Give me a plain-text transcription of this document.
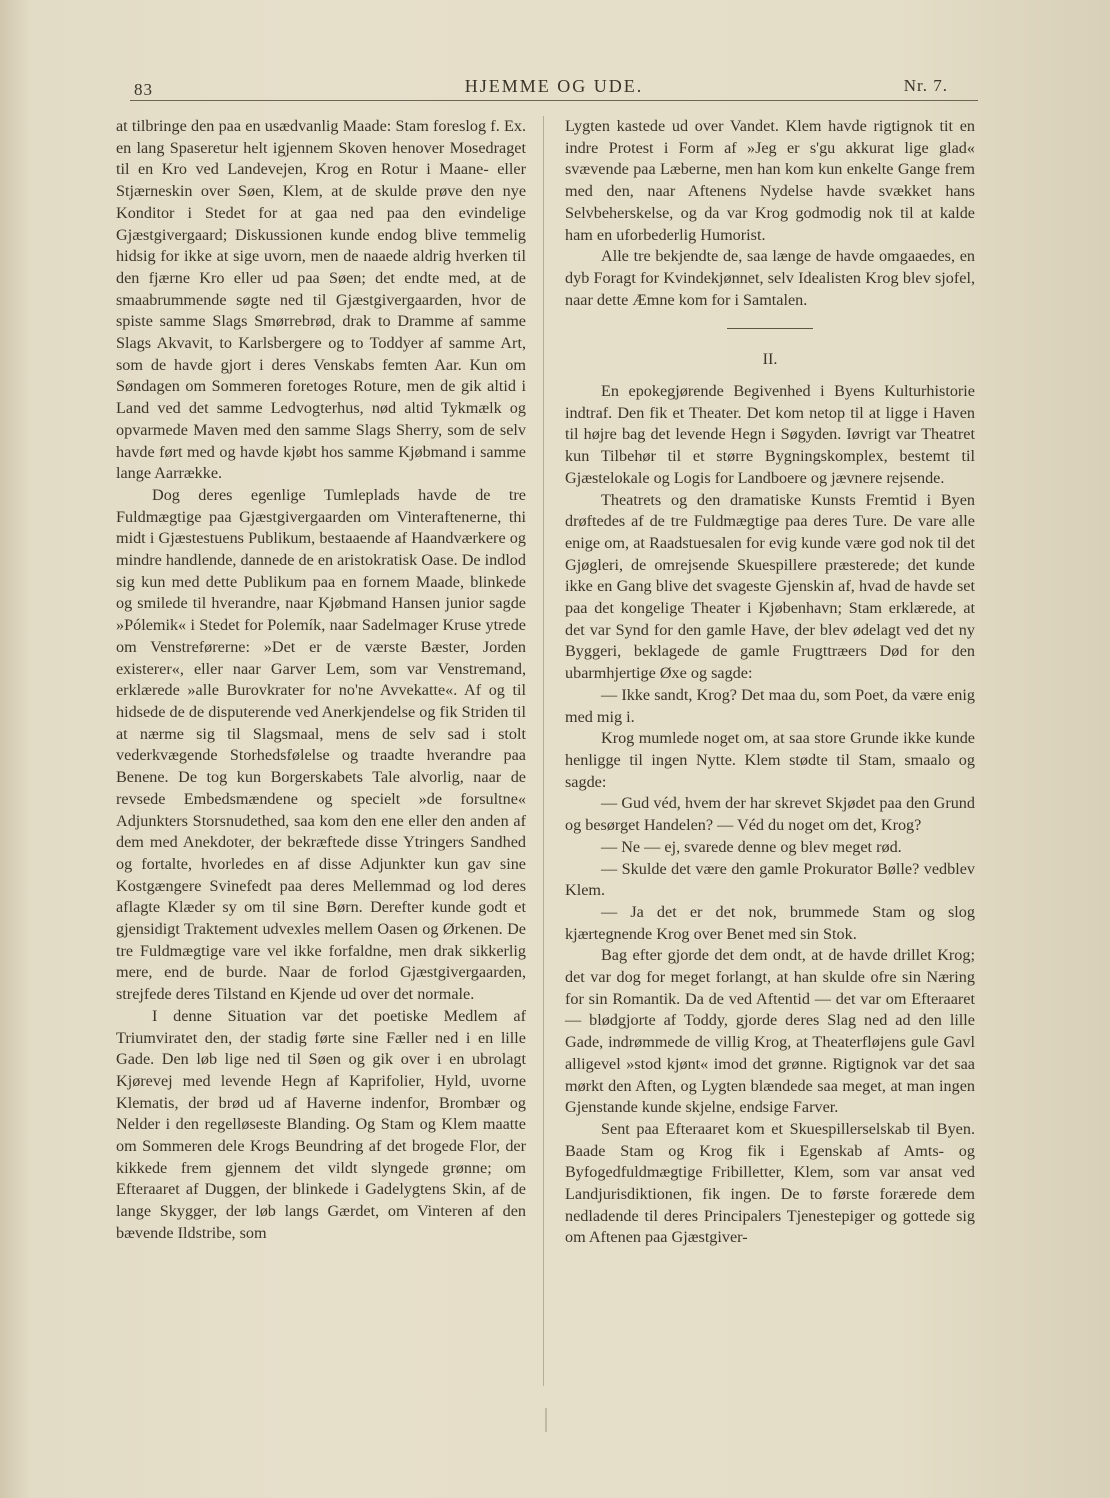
83	HJEMME OG UDE.	Nr. 7.

at tilbringe den paa en usædvanlig Maade: Stam foreslog f. Ex. en lang Spaseretur helt igjennem Skoven henover Mosedraget til en Kro ved Landevejen, Krog en Rotur i Maane- eller Stjærneskin over Søen, Klem, at de skulde prøve den nye Konditor i Stedet for at gaa ned paa den evindelige Gjæstgivergaard; Diskussionen kunde endog blive temmelig hidsig for ikke at sige uvorn, men de naaede aldrig hverken til den fjærne Kro eller ud paa Søen; det endte med, at de smaabrummende søgte ned til Gjæstgivergaarden, hvor de spiste samme Slags Smørrebrød, drak to Dramme af samme Slags Akvavit, to Karlsbergere og to Toddyer af samme Art, som de havde gjort i deres Venskabs femten Aar. Kun om Søndagen om Sommeren foretoges Roture, men de gik altid i Land ved det samme Ledvogterhus, nød altid Tykmælk og opvarmede Maven med den samme Slags Sherry, som de selv havde ført med og havde kjøbt hos samme Kjøbmand i samme lange Aarrække.

Dog deres egenlige Tumleplads havde de tre Fuldmægtige paa Gjæstgivergaarden om Vinteraftenerne, thi midt i Gjæstestuens Publikum, bestaaende af Haandværkere og mindre handlende, dannede de en aristokratisk Oase. De indlod sig kun med dette Publikum paa en fornem Maade, blinkede og smilede til hverandre, naar Kjøbmand Hansen junior sagde »Pólemik« i Stedet for Polemík, naar Sadelmager Kruse ytrede om Venstreførerne: »Det er de værste Bæster, Jorden existerer«, eller naar Garver Lem, som var Venstremand, erklærede »alle Burovkrater for no'ne Avvekatte«. Af og til hidsede de de disputerende ved Anerkjendelse og fik Striden til at nærme sig til Slagsmaal, mens de selv sad i stolt vederkvægende Storhedsfølelse og traadte hverandre paa Benene. De tog kun Borgerskabets Tale alvorlig, naar de revsede Embedsmændene og specielt »de forsultne« Adjunkters Storsnudethed, saa kom den ene eller den anden af dem med Anekdoter, der bekræftede disse Ytringers Sandhed og fortalte, hvorledes en af disse Adjunkter kun gav sine Kostgængere Svinefedt paa deres Mellemmad og lod deres aflagte Klæder sy om til sine Børn. Derefter kunde godt et gjensidigt Traktement udvexles mellem Oasen og Ørkenen. De tre Fuldmægtige vare vel ikke forfaldne, men drak sikkerlig mere, end de burde. Naar de forlod Gjæstgivergaarden, strejfede deres Tilstand en Kjende ud over det normale.

I denne Situation var det poetiske Medlem af Triumviratet den, der stadig førte sine Fæller ned i en lille Gade. Den løb lige ned til Søen og gik over i en ubrolagt Kjørevej med levende Hegn af Kaprifolier, Hyld, uvorne Klematis, der brød ud af Haverne indenfor, Brombær og Nelder i den regelløseste Blanding. Og Stam og Klem maatte om Sommeren dele Krogs Beundring af det brogede Flor, der kikkede frem gjennem det vildt slyngede grønne; om Efteraaret af Duggen, der blinkede i Gadelygtens Skin, af de lange Skygger, der løb langs Gærdet, om Vinteren af den bævende Ildstribe, som

Lygten kastede ud over Vandet. Klem havde rigtignok tit en indre Protest i Form af »Jeg er s'gu akkurat lige glad« svævende paa Læberne, men han kom kun enkelte Gange frem med den, naar Aftenens Nydelse havde svækket hans Selvbeherskelse, og da var Krog godmodig nok til at kalde ham en uforbederlig Humorist.

Alle tre bekjendte de, saa længe de havde omgaaedes, en dyb Foragt for Kvindekjønnet, selv Idealisten Krog blev sjofel, naar dette Æmne kom for i Samtalen.

II.

En epokegjørende Begivenhed i Byens Kulturhistorie indtraf. Den fik et Theater. Det kom netop til at ligge i Haven til højre bag det levende Hegn i Søgyden. Iøvrigt var Theatret kun Tilbehør til et større Bygningskomplex, bestemt til Gjæstelokale og Logis for Landboere og jævnere rejsende.

Theatrets og den dramatiske Kunsts Fremtid i Byen drøftedes af de tre Fuldmægtige paa deres Ture. De vare alle enige om, at Raadstuesalen for evig kunde være god nok til det Gjøgleri, de omrejsende Skuespillere præsterede; det kunde ikke en Gang blive det svageste Gjenskin af, hvad de havde set paa det kongelige Theater i Kjøbenhavn; Stam erklærede, at det var Synd for den gamle Have, der blev ødelagt ved det ny Byggeri, beklagede de gamle Frugttræers Død for den ubarmhjertige Øxe og sagde:

— Ikke sandt, Krog? Det maa du, som Poet, da være enig med mig i.

Krog mumlede noget om, at saa store Grunde ikke kunde henligge til ingen Nytte. Klem stødte til Stam, smaalo og sagde:

— Gud véd, hvem der har skrevet Skjødet paa den Grund og besørget Handelen? — Véd du noget om det, Krog?

— Ne — ej, svarede denne og blev meget rød.

— Skulde det være den gamle Prokurator Bølle? vedblev Klem.

— Ja det er det nok, brummede Stam og slog kjærtegnende Krog over Benet med sin Stok.

Bag efter gjorde det dem ondt, at de havde drillet Krog; det var dog for meget forlangt, at han skulde ofre sin Næring for sin Romantik. Da de ved Aftentid — det var om Efteraaret — blødgjorte af Toddy, gjorde deres Slag ned ad den lille Gade, indrømmede de villig Krog, at Theaterfløjens gule Gavl alligevel »stod kjønt« imod det grønne. Rigtignok var det saa mørkt den Aften, og Lygten blændede saa meget, at man ingen Gjenstande kunde skjelne, endsige Farver.

Sent paa Efteraaret kom et Skuespillerselskab til Byen. Baade Stam og Krog fik i Egenskab af Amts- og Byfogedfuldmægtige Fribilletter, Klem, som var ansat ved Landjurisdiktionen, fik ingen. De to første forærede dem nedladende til deres Principalers Tjenestepiger og gottede sig om Aftenen paa Gjæstgiver-
